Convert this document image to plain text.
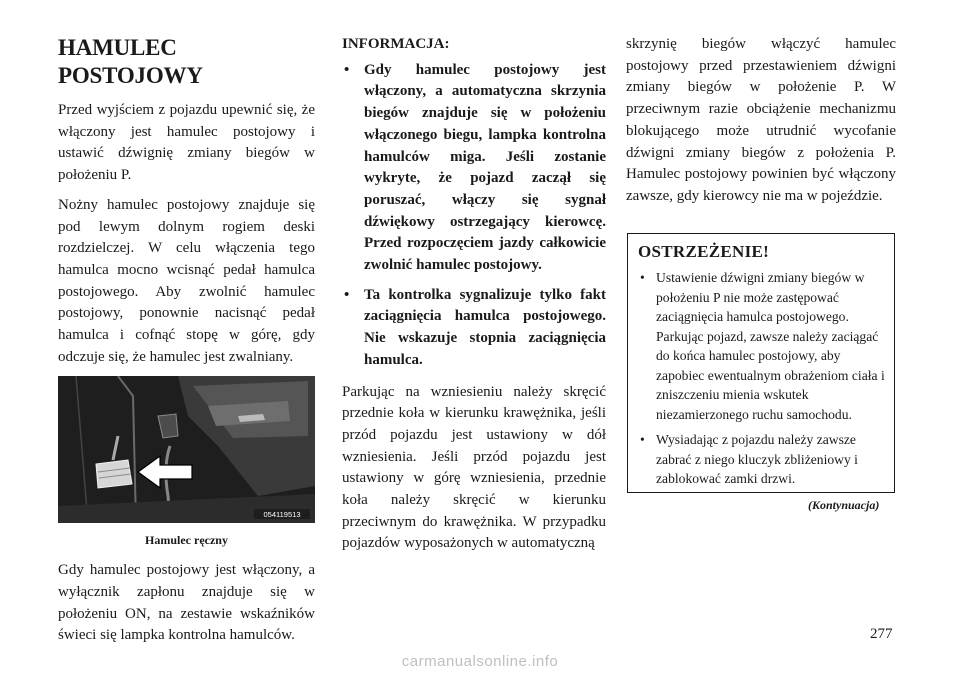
HAMULEC POSTOJOWY

Przed wyjściem z pojazdu upewnić się, że włączony jest hamulec postojowy i ustawić dźwignię zmiany biegów w położeniu P.

Nożny hamulec postojowy znajduje się pod lewym dolnym rogiem deski rozdzielczej. W celu włączenia tego hamulca mocno wcisnąć pedał hamulca postojowego. Aby zwolnić hamulec postojowy, ponownie nacisnąć pedał hamulca i cofnąć stopę w górę, gdy odczuje się, że hamulec jest zwalniany.

054119513
Hamulec ręczny

Gdy hamulec postojowy jest włączony, a wyłącznik zapłonu znajduje się w położeniu ON, na zestawie wskaźników świeci się lampka kontrolna hamulców.

INFORMACJA:
• Gdy hamulec postojowy jest włączony, a automatyczna skrzynia biegów znajduje się w położeniu włączonego biegu, lampka kontrolna hamulców miga. Jeśli zostanie wykryte, że pojazd zaczął się poruszać, włączy się sygnał dźwiękowy ostrzegający kierowcę. Przed rozpoczęciem jazdy całkowicie zwolnić hamulec postojowy.
• Ta kontrolka sygnalizuje tylko fakt zaciągnięcia hamulca postojowego. Nie wskazuje stopnia zaciągnięcia hamulca.

Parkując na wzniesieniu należy skręcić przednie koła w kierunku krawężnika, jeśli przód pojazdu jest ustawiony w dół wzniesienia. Jeśli przód pojazdu jest ustawiony w górę wzniesienia, przednie koła należy skręcić w kierunku przeciwnym do krawężnika. W przypadku pojazdów wyposażonych w automatyczną

skrzynię biegów włączyć hamulec postojowy przed przestawieniem dźwigni zmiany biegów w położenie P. W przeciwnym razie obciążenie mechanizmu blokującego może utrudnić wycofanie dźwigni zmiany biegów z położenia P. Hamulec postojowy powinien być włączony zawsze, gdy kierowcy nie ma w pojeździe.

OSTRZEŻENIE!
• Ustawienie dźwigni zmiany biegów w położeniu P nie może zastępować zaciągnięcia hamulca postojowego. Parkując pojazd, zawsze należy zaciągać do końca hamulec postojowy, aby zapobiec ewentualnym obrażeniom ciała i zniszczeniu mienia wskutek niezamierzonego ruchu samochodu.
• Wysiadając z pojazdu należy zawsze zabrać z niego kluczyk zbliżeniowy i zablokować zamki drzwi.
(Kontynuacja)
277
carmanualsonline.info
